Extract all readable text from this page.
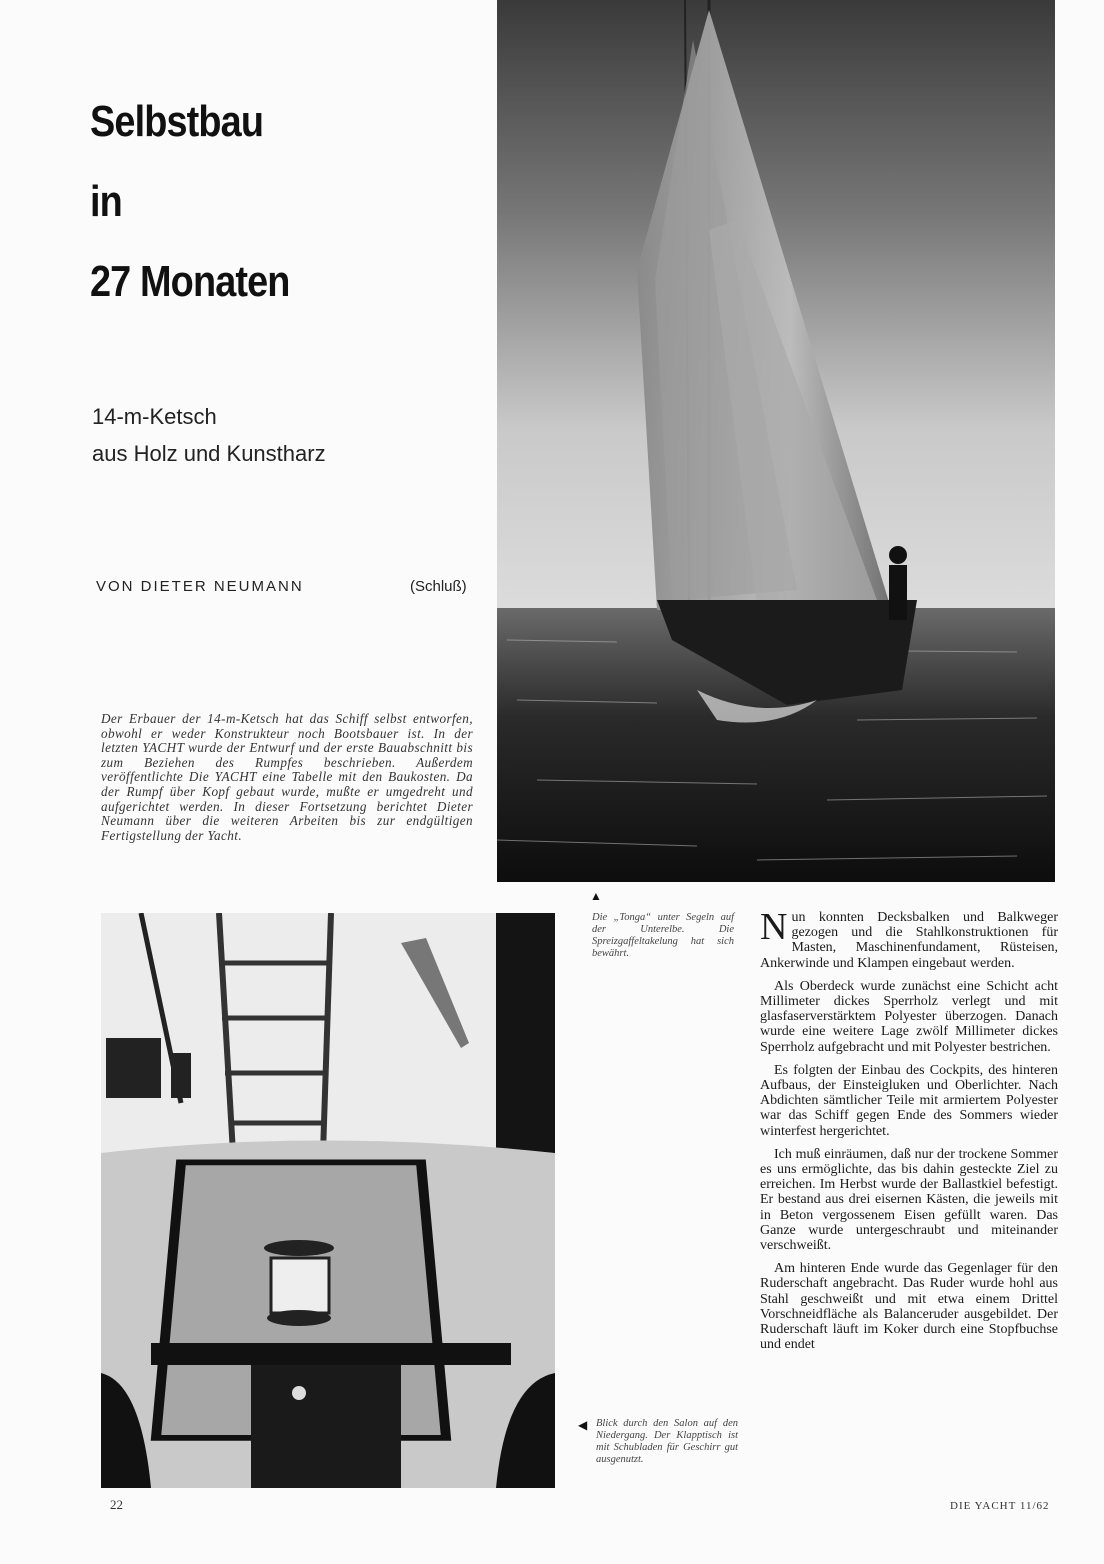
Selbstbau
in
27 Monaten
14-m-Ketsch
aus Holz und Kunstharz
VON DIETER NEUMANN	(Schluß)
Der Erbauer der 14-m-Ketsch hat das Schiff selbst entworfen, obwohl er weder Konstrukteur noch Bootsbauer ist. In der letzten YACHT wurde der Entwurf und der erste Bauabschnitt bis zum Beziehen des Rumpfes beschrieben. Außerdem veröffentlichte Die YACHT eine Tabelle mit den Baukosten. Da der Rumpf über Kopf gebaut wurde, mußte er umgedreht und aufgerichtet werden. In dieser Fortsetzung berichtet Dieter Neumann über die weiteren Arbeiten bis zur endgültigen Fertigstellung der Yacht.
▲
Die „Tonga“ unter Segeln auf der Unterelbe. Die Spreizgaffeltakelung hat sich bewährt.
◀ Blick durch den Salon auf den Niedergang. Der Klapptisch ist mit Schubladen für Geschirr gut ausgenutzt.

Nun konnten Decksbalken und Balkweger gezogen und die Stahlkonstruktionen für Masten, Maschinenfundament, Rüsteisen, Ankerwinde und Klampen eingebaut werden.

Als Oberdeck wurde zunächst eine Schicht acht Millimeter dickes Sperrholz verlegt und mit glasfaserverstärktem Polyester überzogen. Danach wurde eine weitere Lage zwölf Millimeter dickes Sperrholz aufgebracht und mit Polyester bestrichen.

Es folgten der Einbau des Cockpits, des hinteren Aufbaus, der Einsteigluken und Oberlichter. Nach Abdichten sämtlicher Teile mit armiertem Polyester war das Schiff gegen Ende des Sommers wieder winterfest hergerichtet.

Ich muß einräumen, daß nur der trockene Sommer es uns ermöglichte, das bis dahin gesteckte Ziel zu erreichen. Im Herbst wurde der Ballastkiel befestigt. Er bestand aus drei eisernen Kästen, die jeweils mit in Beton vergossenem Eisen gefüllt waren. Das Ganze wurde untergeschraubt und miteinander verschweißt.

Am hinteren Ende wurde das Gegenlager für den Ruderschaft angebracht. Das Ruder wurde hohl aus Stahl geschweißt und mit etwa einem Drittel Vorschneidfläche als Balanceruder ausgebildet. Der Ruderschaft läuft im Koker durch eine Stopfbuchse und endet

22	DIE YACHT 11/62
